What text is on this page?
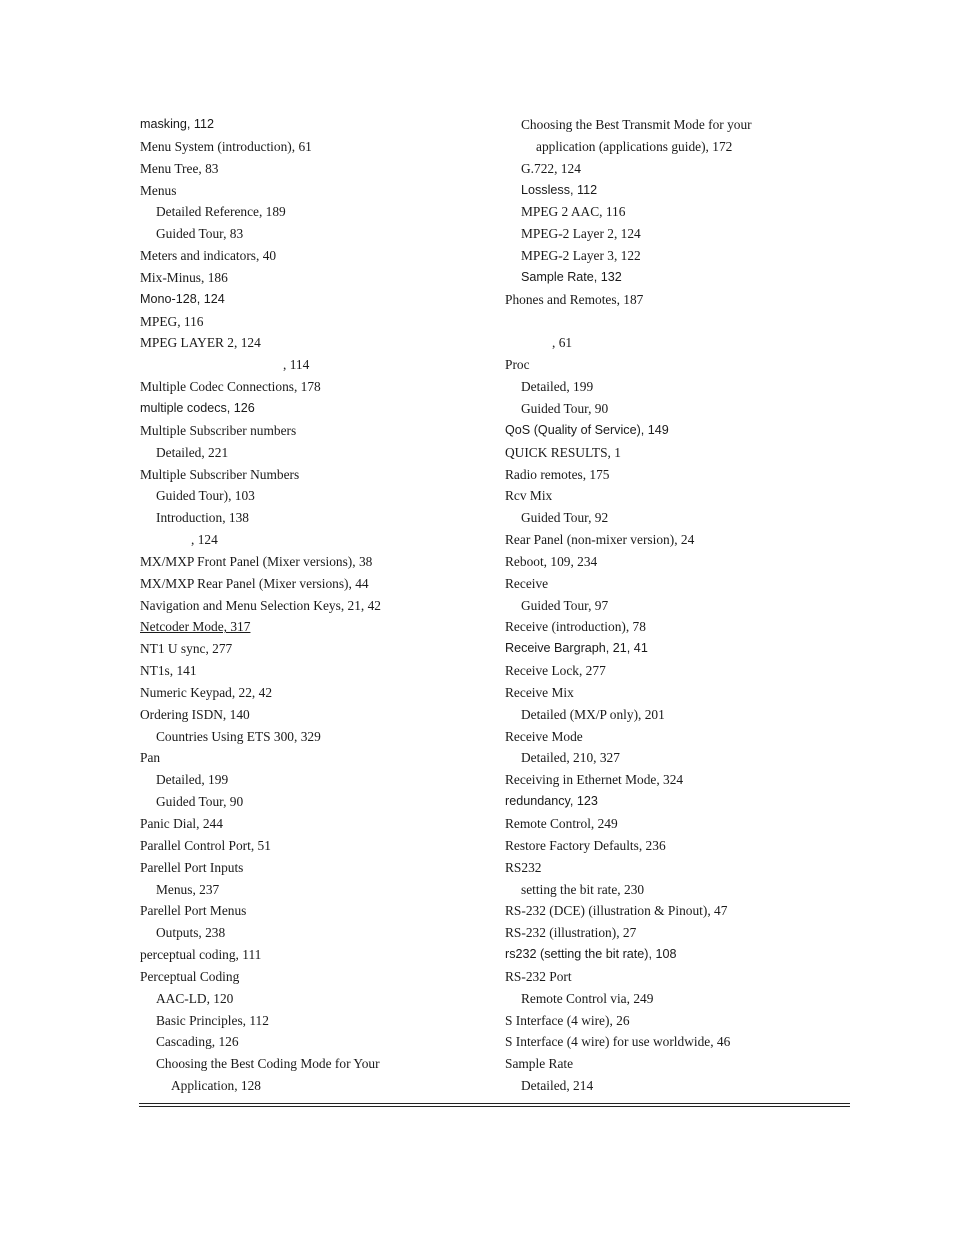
masking, 112
Menu System (introduction), 61
Menu Tree, 83
Menus
Detailed Reference, 189
Guided Tour, 83
Meters and indicators, 40
Mix-Minus, 186
Mono-128, 124
MPEG, 116
MPEG LAYER 2, 124
, 114
Multiple Codec Connections, 178
multiple codecs, 126
Multiple Subscriber numbers
Detailed, 221
Multiple Subscriber Numbers
Guided Tour), 103
Introduction, 138
, 124
MX/MXP Front Panel (Mixer versions), 38
MX/MXP Rear Panel (Mixer versions), 44
Navigation and Menu Selection Keys, 21, 42
Netcoder Mode, 317
NT1 U sync, 277
NT1s, 141
Numeric Keypad, 22, 42
Ordering ISDN, 140
Countries Using ETS 300, 329
Pan
Detailed, 199
Guided Tour, 90
Panic Dial, 244
Parallel Control Port, 51
Parellel Port Inputs
Menus, 237
Parellel Port Menus
Outputs, 238
perceptual coding, 111
Perceptual Coding
AAC-LD, 120
Basic Principles, 112
Cascading, 126
Choosing the Best Coding Mode for Your
Application, 128
Choosing the Best Transmit Mode for your
application (applications guide), 172
G.722, 124
Lossless, 112
MPEG 2 AAC, 116
MPEG-2 Layer 2, 124
MPEG-2 Layer 3, 122
Sample Rate, 132
Phones and Remotes, 187
, 61
Proc
Detailed, 199
Guided Tour, 90
QoS (Quality of Service), 149
QUICK RESULTS, 1
Radio remotes, 175
Rcv Mix
Guided Tour, 92
Rear Panel (non-mixer version), 24
Reboot, 109, 234
Receive
Guided Tour, 97
Receive (introduction), 78
Receive Bargraph, 21, 41
Receive Lock, 277
Receive Mix
Detailed (MX/P only), 201
Receive Mode
Detailed, 210, 327
Receiving in Ethernet Mode, 324
redundancy, 123
Remote Control, 249
Restore Factory Defaults, 236
RS232
setting the bit rate, 230
RS-232 (DCE) (illustration & Pinout), 47
RS-232 (illustration), 27
rs232 (setting the bit rate), 108
RS-232 Port
Remote Control via, 249
S Interface (4 wire), 26
S Interface (4 wire) for use worldwide, 46
Sample Rate
Detailed, 214
